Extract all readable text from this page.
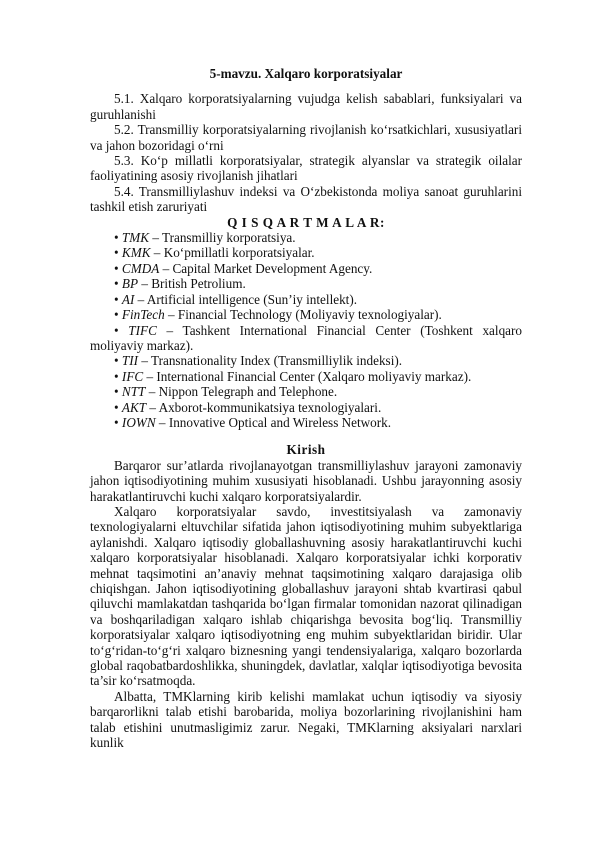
5-mavzu. Xalqaro korporatsiyalar

5.1. Xalqaro korporatsiyalarning vujudga kelish sabablari, funksiyalari va guruhlanishi

5.2. Transmilliy korporatsiyalarning rivojlanish ko‘rsatkichlari, xususiyatlari va jahon bozoridagi o‘rni

5.3. Ko‘p millatli korporatsiyalar, strategik alyanslar va strategik oilalar faoliyatining asosiy rivojlanish jihatlari

5.4. Transmilliylashuv indeksi va O‘zbekistonda moliya sanoat guruhlarini tashkil etish zaruriyati

Q I S Q A R T M A L A R:

• TMK – Transmilliy korporatsiya.

• KMK – Ko‘pmillatli korporatsiyalar.

• CMDA – Capital Market Development Agency.

• BP – British Petrolium.

• AI – Artificial intelligence (Sun’iy intellekt).

• FinTech – Financial Technology (Moliyaviy texnologiyalar).

• TIFC – Tashkent International Financial Center (Toshkent xalqaro moliyaviy markaz).

• TII – Transnationality Index (Transmilliylik indeksi).

• IFC – International Financial Center (Xalqaro moliyaviy markaz).

• NTT – Nippon Telegraph and Telephone.

• AKT – Axborot-kommunikatsiya texnologiyalari.

• IOWN – Innovative Optical and Wireless Network.

Kirish

Barqaror sur’atlarda rivojlanayotgan transmilliylashuv jarayoni zamonaviy jahon iqtisodiyotining muhim xususiyati hisoblanadi. Ushbu jarayonning asosiy harakatlantiruvchi kuchi xalqaro korporatsiyalardir.

Xalqaro korporatsiyalar savdo, investitsiyalash va zamonaviy texnologiyalarni eltuvchilar sifatida jahon iqtisodiyotining muhim subyektlariga aylanishdi. Xalqaro iqtisodiy globallashuvning asosiy harakatlantiruvchi kuchi xalqaro korporatsiyalar hisoblanadi. Xalqaro korporatsiyalar ichki korporativ mehnat taqsimotini an’anaviy mehnat taqsimotining xalqaro darajasiga olib chiqishgan. Jahon iqtisodiyotining globallashuv jarayoni shtab kvartirasi qabul qiluvchi mamlakatdan tashqarida bo‘lgan firmalar tomonidan nazorat qilinadigan va boshqariladigan xalqaro ishlab chiqarishga bevosita bog‘liq. Transmilliy korporatsiyalar xalqaro iqtisodiyotning eng muhim subyektlaridan biridir. Ular to‘g‘ridan-to‘g‘ri xalqaro biznesning yangi tendensiyalariga, xalqaro bozorlarda global raqobatbardoshlikka, shuningdek, davlatlar, xalqlar iqtisodiyotiga bevosita ta’sir ko‘rsatmoqda.

Albatta, TMKlarning kirib kelishi mamlakat uchun iqtisodiy va siyosiy barqarorlikni talab etishi barobarida, moliya bozorlarining rivojlanishini ham talab etishini unutmasligimiz zarur. Negaki, TMKlarning aksiyalari narxlari kunlik
